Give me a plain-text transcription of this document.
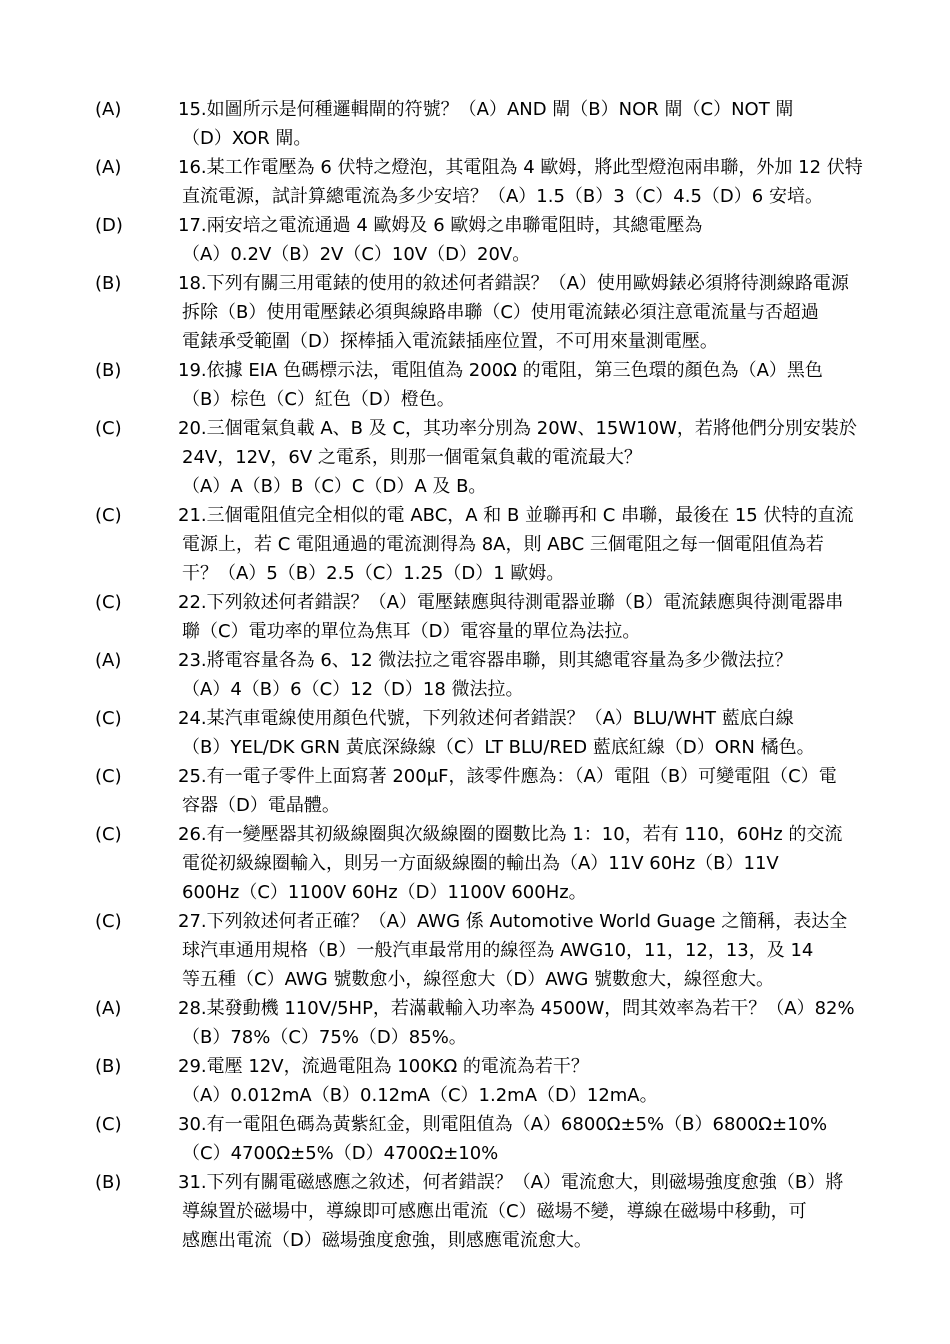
(A)	15.如圖所示是何種邏輯閘的符號？（A）AND 閘（B）NOR 閘（C）NOT 閘
（D）XOR 閘。
(A)	16.某工作電壓為 6 伏特之燈泡，其電阻為 4 歐姆，將此型燈泡兩串聯，外加 12 伏特
直流電源，試計算總電流為多少安培？（A）1.5（B）3（C）4.5（D）6 安培。
(D)	17.兩安培之電流通過 4 歐姆及 6 歐姆之串聯電阻時，其總電壓為
（A）0.2V（B）2V（C）10V（D）20V。
(B)	18.下列有關三用電錶的使用的敘述何者錯誤？（A）使用歐姆錶必須將待測線路電源
拆除（B）使用電壓錶必須與線路串聯（C）使用電流錶必須注意電流量与否超過
電錶承受範圍（D）探棒插入電流錶插座位置，不可用來量測電壓。
(B)	19.依據 EIA 色碼標示法，電阻值為 200Ω 的電阻，第三色環的顏色為（A）黑色
（B）棕色（C）紅色（D）橙色。
(C)	20.三個電氣負載 A、B 及 C，其功率分別為 20W、15W10W，若將他們分別安裝於
24V，12V，6V 之電系，則那一個電氣負載的電流最大？
（A）A（B）B（C）C（D）A 及 B。
(C)	21.三個電阻值完全相似的電 ABC，A 和 B 並聯再和 C 串聯，最後在 15 伏特的直流
電源上，若 C 電阻通過的電流測得為 8A，則 ABC 三個電阻之每一個電阻值為若
干？（A）5（B）2.5（C）1.25（D）1 歐姆。
(C)	22.下列敘述何者錯誤？（A）電壓錶應與待測電器並聯（B）電流錶應與待測電器串
聯（C）電功率的單位為焦耳（D）電容量的單位為法拉。
(A)	23.將電容量各為 6、12 微法拉之電容器串聯，則其總電容量為多少微法拉？
（A）4（B）6（C）12（D）18 微法拉。
(C)	24.某汽車電線使用顏色代號，下列敘述何者錯誤？（A）BLU/WHT 藍底白線
（B）YEL/DK GRN 黃底深綠線（C）LT BLU/RED 藍底紅線（D）ORN 橘色。
(C)	25.有一電子零件上面寫著 200μF，該零件應為：（A）電阻（B）可變電阻（C）電
容器（D）電晶體。
(C)	26.有一變壓器其初級線圈與次級線圈的圈數比為 1：10，若有 110，60Hz 的交流
電從初級線圈輸入，則另一方面級線圈的輸出為（A）11V 60Hz（B）11V
600Hz（C）1100V 60Hz（D）1100V 600Hz。
(C)	27.下列敘述何者正確？（A）AWG 係 Automotive World Guage 之簡稱，表达全
球汽車通用規格（B）一般汽車最常用的線徑為 AWG10，11，12，13，及 14
等五種（C）AWG 號數愈小，線徑愈大（D）AWG 號數愈大，線徑愈大。
(A)	28.某發動機 110V/5HP，若滿載輸入功率為 4500W，問其效率為若干？（A）82%
（B）78%（C）75%（D）85%。
(B)	29.電壓 12V，流過電阻為 100KΩ 的電流為若干？
（A）0.012mA（B）0.12mA（C）1.2mA（D）12mA。
(C)	30.有一電阻色碼為黃紫紅金，則電阻值為（A）6800Ω±5%（B）6800Ω±10%
（C）4700Ω±5%（D）4700Ω±10%
(B)	31.下列有關電磁感應之敘述，何者錯誤？（A）電流愈大，則磁場強度愈強（B）將
導線置於磁場中，導線即可感應出電流（C）磁場不變，導線在磁場中移動，可
感應出電流（D）磁場強度愈強，則感應電流愈大。
